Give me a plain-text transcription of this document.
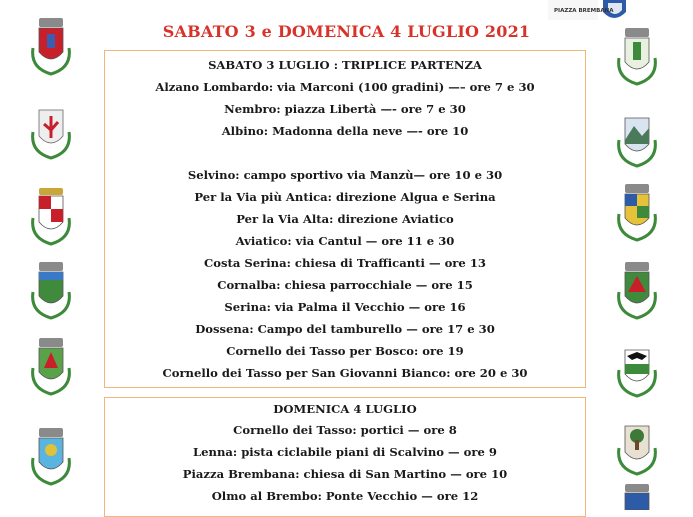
PIAZZA BREMBANA
SABATO 3 e DOMENICA 4 LUGLIO 2021
SABATO 3 LUGLIO : TRIPLICE PARTENZA
Alzano Lombardo: via Marconi (100 gradini) —– ore 7 e 30
Nembro: piazza Libertà —- ore 7 e 30
Albino: Madonna della neve —- ore 10
Selvino: campo sportivo via Manzù— ore 10 e 30
Per la Via più Antica: direzione Algua e Serina
Per la Via Alta: direzione Aviatico
Aviatico: via Cantul — ore 11 e 30
Costa Serina: chiesa di Trafficanti — ore 13
Cornalba: chiesa parrocchiale — ore 15
Serina: via Palma il Vecchio — ore 16
Dossena: Campo del tamburello — ore 17 e 30
Cornello dei Tasso per Bosco: ore 19
Cornello dei Tasso per San Giovanni Bianco: ore 20 e 30
DOMENICA 4 LUGLIO
Cornello dei Tasso: portici — ore 8
Lenna: pista ciclabile piani di Scalvino — ore 9
Piazza Brembana: chiesa di San Martino — ore 10
Olmo al Brembo: Ponte Vecchio — ore 12
